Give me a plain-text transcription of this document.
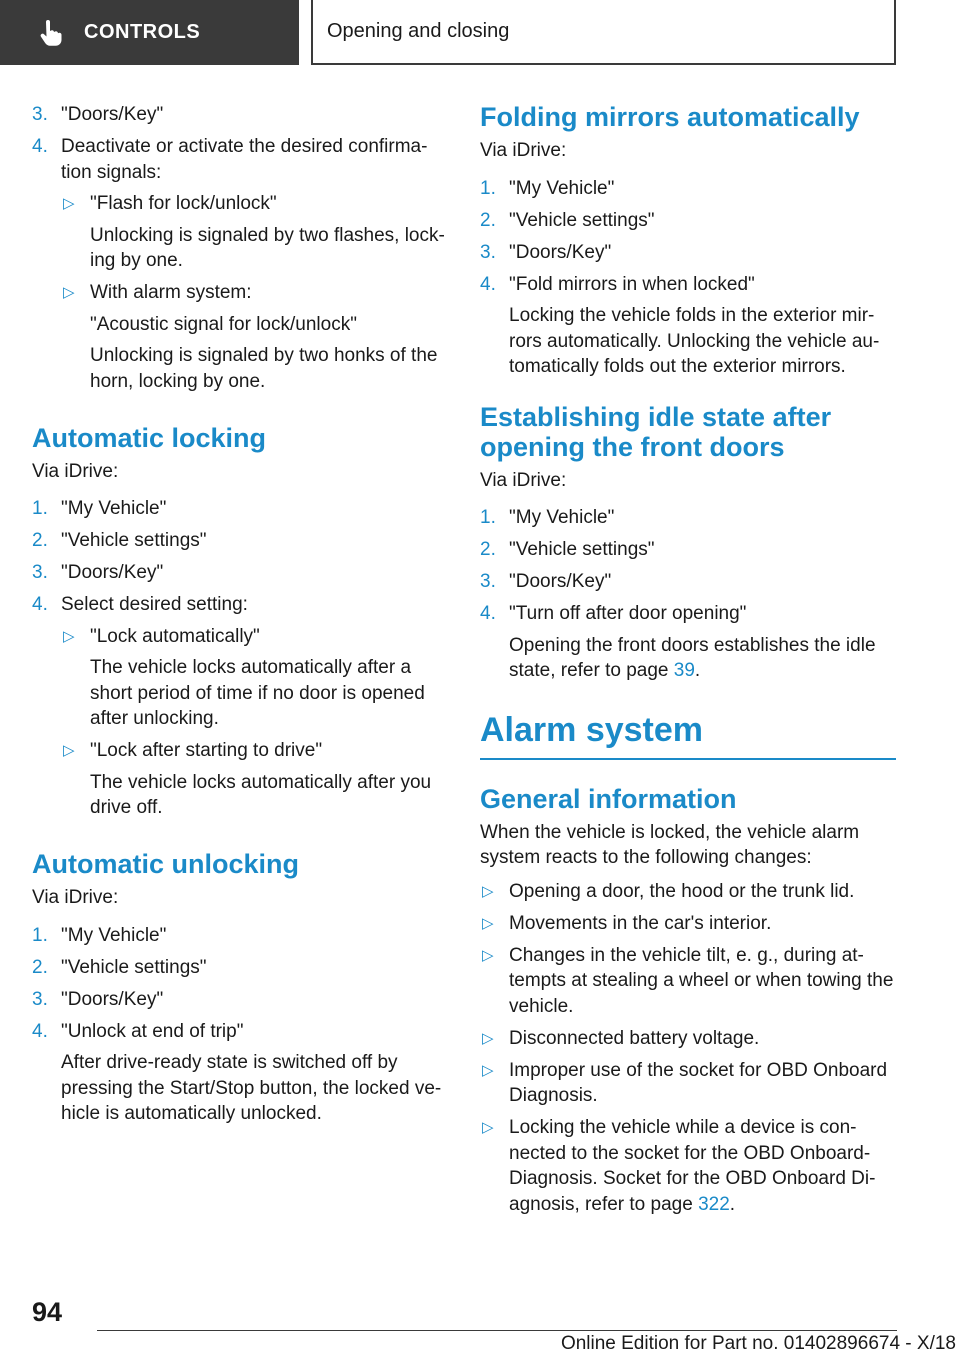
CONTROLS	Opening and closing
3. "Doors/Key"
4. Deactivate or activate the desired confirma-tion signals:
▷ "Flash for lock/unlock"
Unlocking is signaled by two flashes, lock-ing by one.
▷ With alarm system:
"Acoustic signal for lock/unlock"
Unlocking is signaled by two honks of the horn, locking by one.
Automatic locking
Via iDrive:
1. "My Vehicle"
2. "Vehicle settings"
3. "Doors/Key"
4. Select desired setting:
▷ "Lock automatically"
The vehicle locks automatically after a short period of time if no door is opened after unlocking.
▷ "Lock after starting to drive"
The vehicle locks automatically after you drive off.
Automatic unlocking
Via iDrive:
1. "My Vehicle"
2. "Vehicle settings"
3. "Doors/Key"
4. "Unlock at end of trip"
After drive-ready state is switched off by pressing the Start/Stop button, the locked ve-hicle is automatically unlocked.
Folding mirrors automatically
Via iDrive:
1. "My Vehicle"
2. "Vehicle settings"
3. "Doors/Key"
4. "Fold mirrors in when locked"
Locking the vehicle folds in the exterior mir-rors automatically. Unlocking the vehicle au-tomatically folds out the exterior mirrors.
Establishing idle state after opening the front doors
Via iDrive:
1. "My Vehicle"
2. "Vehicle settings"
3. "Doors/Key"
4. "Turn off after door opening"
Opening the front doors establishes the idle state, refer to page 39.
Alarm system
General information
When the vehicle is locked, the vehicle alarm system reacts to the following changes:
▷ Opening a door, the hood or the trunk lid.
▷ Movements in the car's interior.
▷ Changes in the vehicle tilt, e. g., during at-tempts at stealing a wheel or when towing the vehicle.
▷ Disconnected battery voltage.
▷ Improper use of the socket for OBD Onboard Diagnosis.
▷ Locking the vehicle while a device is con-nected to the socket for the OBD Onboard-Diagnosis. Socket for the OBD Onboard Di-agnosis, refer to page 322.
94
Online Edition for Part no. 01402896674 - X/18
